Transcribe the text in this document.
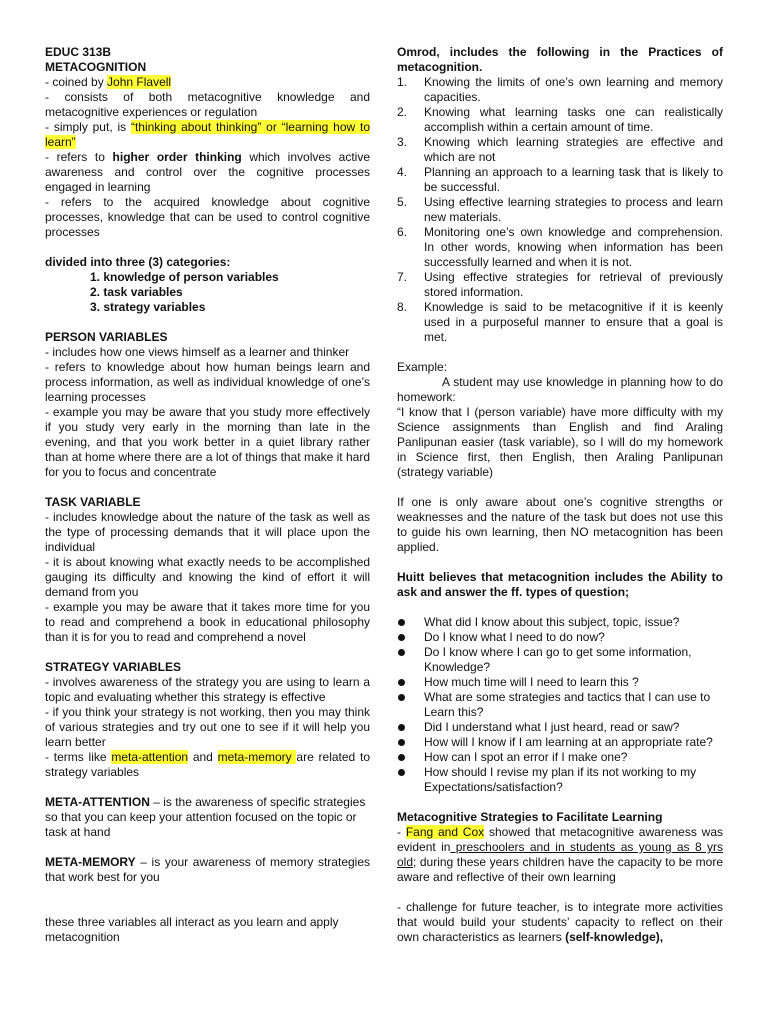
EDUC 313B

METACOGNITION

- coined by John Flavell

- consists of both metacognitive knowledge and metacognitive experiences or regulation

- simply put, is “thinking about thinking” or “learning how to learn”

- refers to higher order thinking which involves active awareness and control over the cognitive processes engaged in learning

- refers to the acquired knowledge about cognitive processes, knowledge that can be used to control cognitive processes

divided into three (3) categories:

1. knowledge of person variables

2. task variables

3. strategy variables

PERSON VARIABLES

- includes how one views himself as a learner and thinker

- refers to knowledge about how human beings learn and process information, as well as individual knowledge of one’s learning processes

- example you may be aware that you study more effectively if you study very early in the morning than late in the evening, and that you work better in a quiet library rather than at home where there are a lot of things that make it hard for you to focus and concentrate

TASK VARIABLE

- includes knowledge about the nature of the task as well as the type of processing demands that it will place upon the individual

- it is about knowing what exactly needs to be accomplished gauging its difficulty and knowing the kind of effort it will demand from you

- example you may be aware that it takes more time for you to read and comprehend a book in educational philosophy than it is for you to read and comprehend a novel

STRATEGY VARIABLES

- involves awareness of the strategy you are using to learn a topic and evaluating whether this strategy is effective

- if you think your strategy is not working, then you may think of various strategies and try out one to see if it will help you learn better

- terms like meta-attention and meta-memory are related to strategy variables

META-ATTENTION – is the awareness of specific strategies so that you can keep your attention focused on the topic or task at hand

META-MEMORY – is your awareness of memory strategies that work best for you

these three variables all interact as you learn and apply metacognition

Omrod, includes the following in the Practices of metacognition.

1. Knowing the limits of one’s own learning and memory capacities.
2. Knowing what learning tasks one can realistically accomplish within a certain amount of time.
3. Knowing which learning strategies are effective and which are not
4. Planning an approach to a learning task that is likely to be successful.
5. Using effective learning strategies to process and learn new materials.
6. Monitoring one’s own knowledge and comprehension. In other words, knowing when information has been successfully learned and when it is not.
7. Using effective strategies for retrieval of previously stored information.
8. Knowledge is said to be metacognitive if it is keenly used in a purposeful manner to ensure that a goal is met.

Example:

A student may use knowledge in planning how to do homework:

“I know that I (person variable) have more difficulty with my Science assignments than English and find Araling Panlipunan easier (task variable), so I will do my homework in Science first, then English, then Araling Panlipunan (strategy variable)

If one is only aware about one’s cognitive strengths or weaknesses and the nature of the task but does not use this to guide his own learning, then NO metacognition has been applied.

Huitt believes that metacognition includes the Ability to ask and answer the ff. types of question;

What did I know about this subject, topic, issue?
Do I know what I need to do now?
Do I know where I can go to get some information, Knowledge?
How much time will I need to learn this ?
What are some strategies and tactics that I can use to Learn this?
Did I understand what I just heard, read or saw?
How will I know if I am learning at an appropriate rate?
How can I spot an error if I make one?
How should I revise my plan if its not working to my Expectations/satisfaction?

Metacognitive Strategies to Facilitate Learning

- Fang and Cox showed that metacognitive awareness was evident in preschoolers and in students as young as 8 yrs old; during these years children have the capacity to be more aware and reflective of their own learning

- challenge for future teacher, is to integrate more activities that would build your students’ capacity to reflect on their own characteristics as learners (self-knowledge),
